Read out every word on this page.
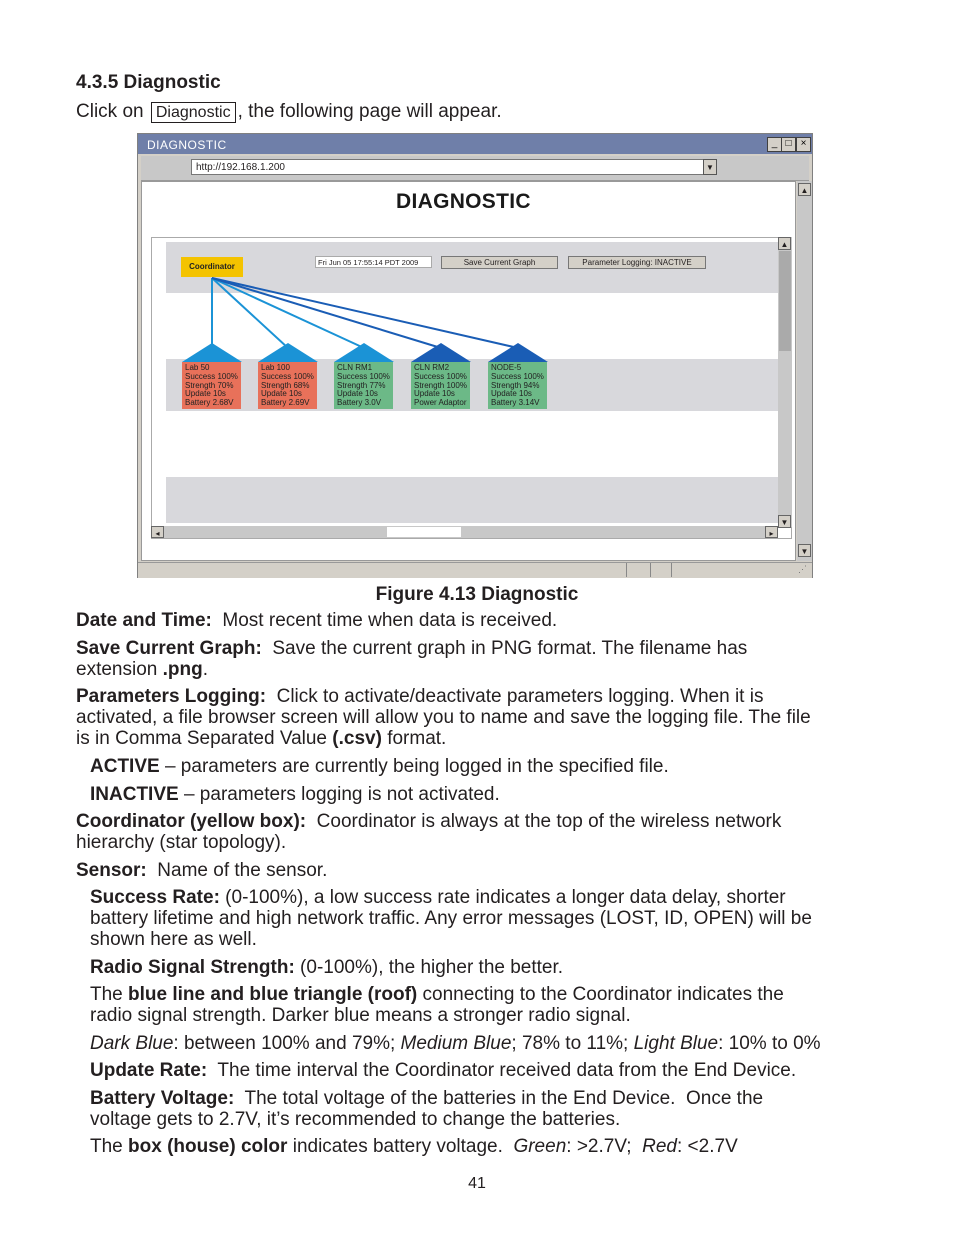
4.3.5 Diagnostic
Click on Diagnostic , the following page will appear.
DIAGNOSTIC	_ □ ×
http://192.168.1.200	▼
▲
▼
DIAGNOSTIC
Coordinator	Fri Jun 05 17:55:14 PDT 2009	Save Current Graph	Parameter Logging: INACTIVE
Lab 50
Success 100%
Strength 70%
Update 10s
Battery 2.68V
Lab 100
Success 100%
Strength 68%
Update 10s
Battery 2.69V
CLN RM1
Success 100%
Strength 77%
Update 10s
Battery 3.0V
CLN RM2
Success 100%
Strength 100%
Update 10s
Power Adaptor
NODE-5
Success 100%
Strength 94%
Update 10s
Battery 3.14V
▲
▼
◂	▸
⋰
Figure 4.13 Diagnostic
Date and Time:  Most recent time when data is received.
Save Current Graph:  Save the current graph in PNG format. The filename has
extension .png.
Parameters Logging:  Click to activate/deactivate parameters logging. When it is
activated, a file browser screen will allow you to name and save the logging file. The file
is in Comma Separated Value (.csv) format.
ACTIVE – parameters are currently being logged in the specified file.
INACTIVE – parameters logging is not activated.
Coordinator (yellow box):  Coordinator is always at the top of the wireless network
hierarchy (star topology).
Sensor:  Name of the sensor.
Success Rate: (0-100%), a low success rate indicates a longer data delay, shorter
battery lifetime and high network traffic. Any error messages (LOST, ID, OPEN) will be
shown here as well.
Radio Signal Strength: (0-100%), the higher the better.
The blue line and blue triangle (roof) connecting to the Coordinator indicates the
radio signal strength. Darker blue means a stronger radio signal.
Dark Blue: between 100% and 79%; Medium Blue; 78% to 11%; Light Blue: 10% to 0%
Update Rate:  The time interval the Coordinator received data from the End Device.
Battery Voltage:  The total voltage of the batteries in the End Device.  Once the
voltage gets to 2.7V, it’s recommended to change the batteries.
The box (house) color indicates battery voltage.  Green: >2.7V;  Red: <2.7V
41
